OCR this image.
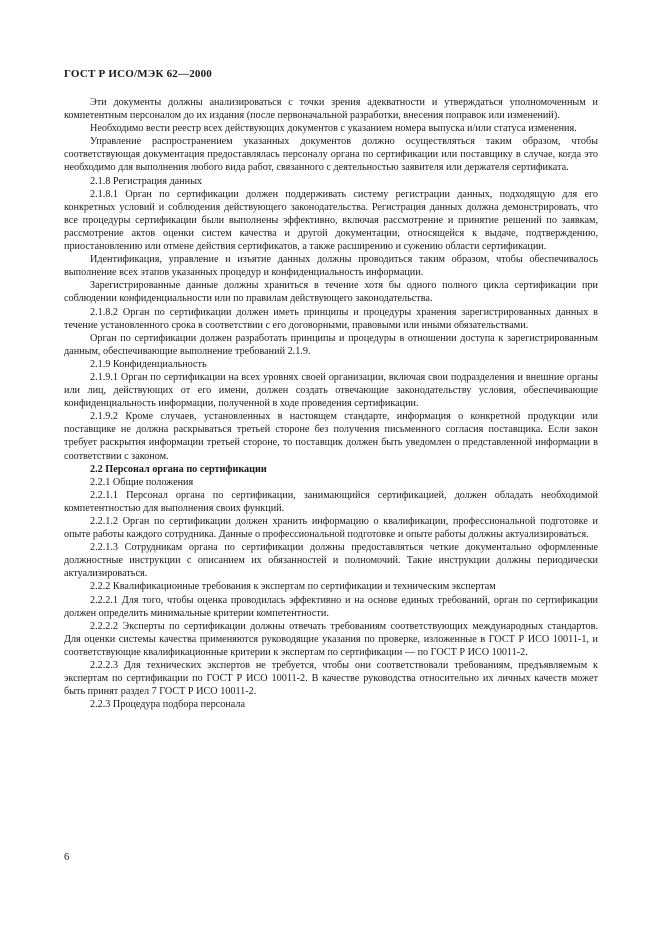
ГОСТ Р ИСО/МЭК 62—2000

Эти документы должны анализироваться с точки зрения адекватности и утверждаться уполномоченным и компетентным персоналом до их издания (после первоначальной разработки, внесения поправок или изменений).

Необходимо вести реестр всех действующих документов с указанием номера выпуска и/или статуса изменения.

Управление распространением указанных документов должно осуществляться таким образом, чтобы соответствующая документация предоставлялась персоналу органа по сертификации или поставщику в случае, когда это необходимо для выполнения любого вида работ, связанного с деятельностью заявителя или держателя сертификата.

2.1.8 Регистрация данных

2.1.8.1 Орган по сертификации должен поддерживать систему регистрации данных, подходящую для его конкретных условий и соблюдения действующего законодательства. Регистрация данных должна демонстрировать, что все процедуры сертификации были выполнены эффективно, включая рассмотрение и принятие решений по заявкам, рассмотрение актов оценки систем качества и другой документации, относящейся к выдаче, подтверждению, приостановлению или отмене действия сертификатов, а также расширению и сужению области сертификации.

Идентификация, управление и изъятие данных должны проводиться таким образом, чтобы обеспечивалось выполнение всех этапов указанных процедур и конфиденциальность информации.

Зарегистрированные данные должны храниться в течение хотя бы одного полного цикла сертификации при соблюдении конфиденциальности или по правилам действующего законодательства.

2.1.8.2 Орган по сертификации должен иметь принципы и процедуры хранения зарегистрированных данных в течение установленного срока в соответствии с его договорными, правовыми или иными обязательствами.

Орган по сертификации должен разработать принципы и процедуры в отношении доступа к зарегистрированным данным, обеспечивающие выполнение требований 2.1.9.

2.1.9 Конфиденциальность

2.1.9.1 Орган по сертификации на всех уровнях своей организации, включая свои подразделения и внешние органы или лиц, действующих от его имени, должен создать отвечающие законодательству условия, обеспечивающие конфиденциальность информации, полученной в ходе проведения сертификации.

2.1.9.2 Кроме случаев, установленных в настоящем стандарте, информация о конкретной продукции или поставщике не должна раскрываться третьей стороне без получения письменного согласия поставщика. Если закон требует раскрытия информации третьей стороне, то поставщик должен быть уведомлен о представленной информации в соответствии с законом.

2.2 Персонал органа по сертификации

2.2.1 Общие положения

2.2.1.1 Персонал органа по сертификации, занимающийся сертификацией, должен обладать необходимой компетентностью для выполнения своих функций.

2.2.1.2 Орган по сертификации должен хранить информацию о квалификации, профессиональной подготовке и опыте работы каждого сотрудника. Данные о профессиональной подготовке и опыте работы должны актуализироваться.

2.2.1.3 Сотрудникам органа по сертификации должны предоставляться четкие документально оформленные должностные инструкции с описанием их обязанностей и полномочий. Такие инструкции должны периодически актуализироваться.

2.2.2 Квалификационные требования к экспертам по сертификации и техническим экспертам

2.2.2.1 Для того, чтобы оценка проводилась эффективно и на основе единых требований, орган по сертификации должен определить минимальные критерии компетентности.

2.2.2.2 Эксперты по сертификации должны отвечать требованиям соответствующих международных стандартов. Для оценки системы качества применяются руководящие указания по проверке, изложенные в ГОСТ Р ИСО 10011-1, и соответствующие квалификационные критерии к экспертам по сертификации — по ГОСТ Р ИСО 10011-2.

2.2.2.3 Для технических экспертов не требуется, чтобы они соответствовали требованиям, предъявляемым к экспертам по сертификации по ГОСТ Р ИСО 10011-2. В качестве руководства относительно их личных качеств может быть принят раздел 7 ГОСТ Р ИСО 10011-2.

2.2.3 Процедура подбора персонала

6
